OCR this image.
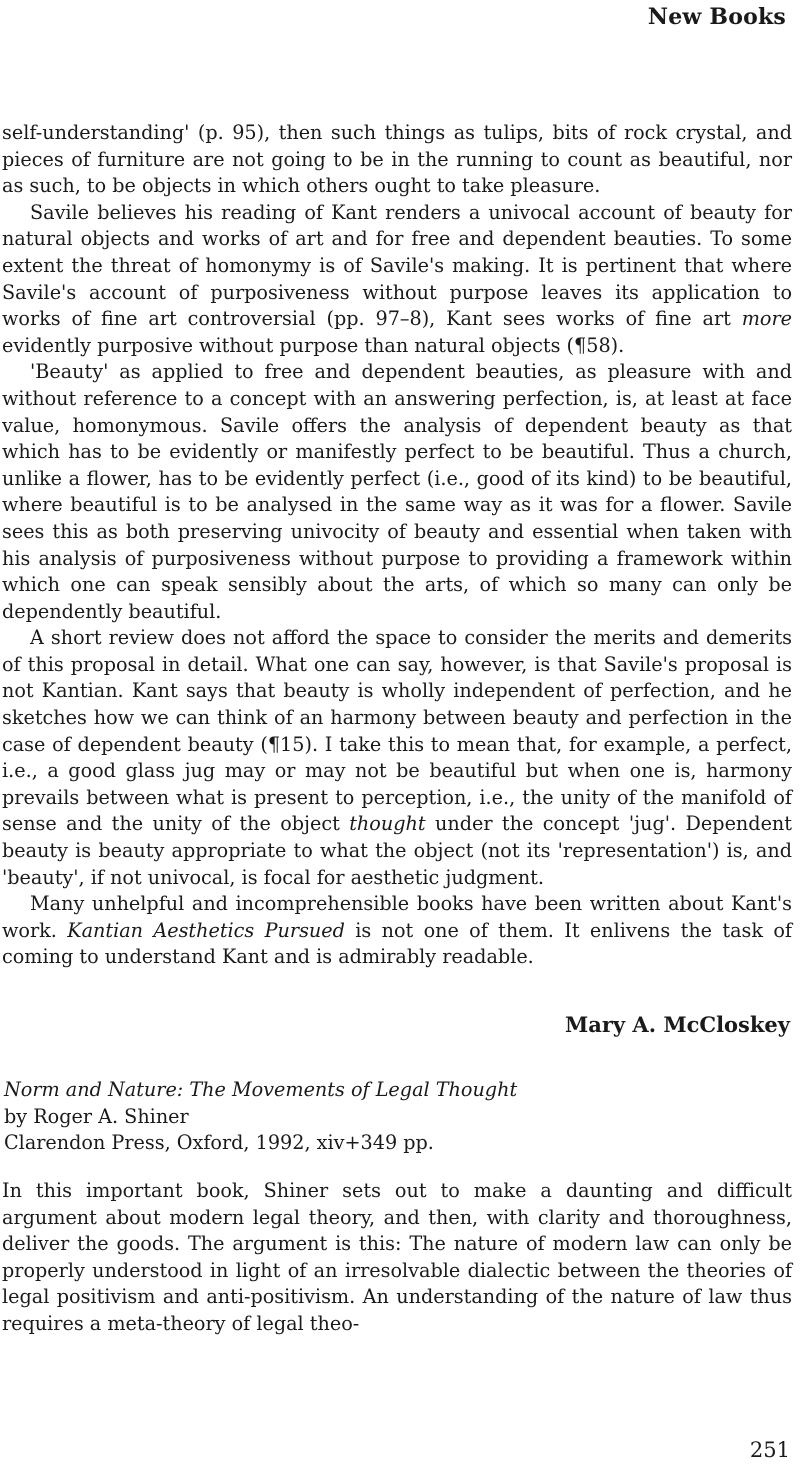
New Books

self-understanding' (p. 95), then such things as tulips, bits of rock crystal, and pieces of furniture are not going to be in the running to count as beautiful, nor as such, to be objects in which others ought to take pleasure.

Savile believes his reading of Kant renders a univocal account of beauty for natural objects and works of art and for free and dependent beauties. To some extent the threat of homonymy is of Savile's making. It is pertinent that where Savile's account of purposiveness without purpose leaves its application to works of fine art controversial (pp. 97–8), Kant sees works of fine art more evidently purposive without purpose than natural objects (¶58).

'Beauty' as applied to free and dependent beauties, as pleasure with and without reference to a concept with an answering perfection, is, at least at face value, homonymous. Savile offers the analysis of dependent beauty as that which has to be evidently or manifestly perfect to be beautiful. Thus a church, unlike a flower, has to be evidently perfect (i.e., good of its kind) to be beautiful, where beautiful is to be analysed in the same way as it was for a flower. Savile sees this as both preserving univocity of beauty and essential when taken with his analysis of purposiveness without purpose to providing a framework within which one can speak sensibly about the arts, of which so many can only be dependently beautiful.

A short review does not afford the space to consider the merits and demerits of this proposal in detail. What one can say, however, is that Savile's proposal is not Kantian. Kant says that beauty is wholly independent of perfection, and he sketches how we can think of an harmony between beauty and perfection in the case of dependent beauty (¶15). I take this to mean that, for example, a perfect, i.e., a good glass jug may or may not be beautiful but when one is, harmony prevails between what is present to perception, i.e., the unity of the manifold of sense and the unity of the object thought under the concept 'jug'. Dependent beauty is beauty appropriate to what the object (not its 'representation') is, and 'beauty', if not univocal, is focal for aesthetic judgment.

Many unhelpful and incomprehensible books have been written about Kant's work. Kantian Aesthetics Pursued is not one of them. It enlivens the task of coming to understand Kant and is admirably readable.

Mary A. McCloskey
Norm and Nature: The Movements of Legal Thought
by Roger A. Shiner
Clarendon Press, Oxford, 1992, xiv+349 pp.

In this important book, Shiner sets out to make a daunting and difficult argument about modern legal theory, and then, with clarity and thoroughness, deliver the goods. The argument is this: The nature of modern law can only be properly understood in light of an irresolvable dialectic between the theories of legal positivism and anti-positivism. An understanding of the nature of law thus requires a meta-theory of legal theo-

251
